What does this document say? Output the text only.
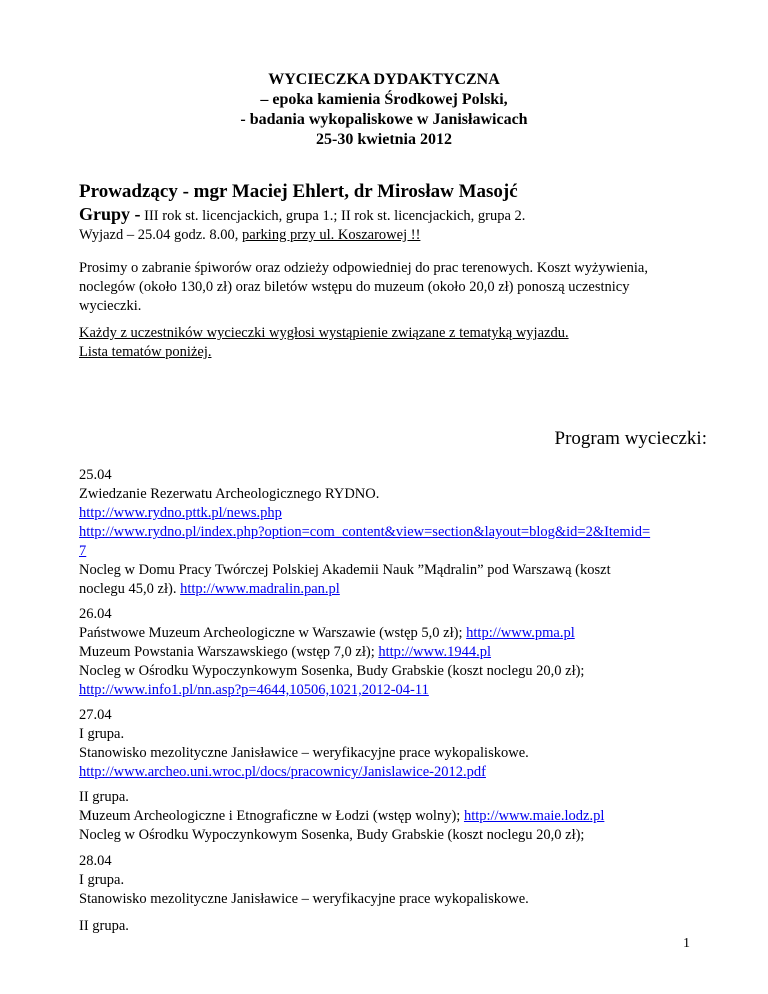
WYCIECZKA DYDAKTYCZNA
– epoka kamienia Środkowej Polski,
- badania wykopaliskowe w Janisławicach
25-30 kwietnia 2012
Prowadzący - mgr Maciej Ehlert, dr Mirosław Masojć
Grupy - III rok st. licencjackich, grupa 1.; II rok st. licencjackich, grupa 2.
Wyjazd – 25.04 godz. 8.00, parking przy ul. Koszarowej !!
Prosimy o zabranie śpiworów oraz odzieży odpowiedniej do prac terenowych. Koszt wyżywienia,
noclegów (około 130,0 zł) oraz biletów wstępu do muzeum (około 20,0 zł) ponoszą uczestnicy
wycieczki.
Każdy z uczestników wycieczki wygłosi wystąpienie związane z tematyką wyjazdu.
Lista tematów poniżej.
Program wycieczki:
25.04
Zwiedzanie Rezerwatu Archeologicznego RYDNO.
http://www.rydno.pttk.pl/news.php
http://www.rydno.pl/index.php?option=com_content&view=section&layout=blog&id=2&Itemid=
7
Nocleg w Domu Pracy Twórczej Polskiej Akademii Nauk ”Mądralin” pod Warszawą (koszt
noclegu 45,0 zł). http://www.madralin.pan.pl
26.04
Państwowe Muzeum Archeologiczne w Warszawie (wstęp 5,0 zł); http://www.pma.pl
Muzeum Powstania Warszawskiego (wstęp 7,0 zł); http://www.1944.pl
Nocleg w Ośrodku Wypoczynkowym Sosenka, Budy Grabskie (koszt noclegu 20,0 zł);
http://www.info1.pl/nn.asp?p=4644,10506,1021,2012-04-11
27.04
I grupa.
Stanowisko mezolityczne Janisławice – weryfikacyjne prace wykopaliskowe.
http://www.archeo.uni.wroc.pl/docs/pracownicy/Janislawice-2012.pdf
II grupa.
Muzeum Archeologiczne i Etnograficzne w Łodzi (wstęp wolny); http://www.maie.lodz.pl
Nocleg w Ośrodku Wypoczynkowym Sosenka, Budy Grabskie (koszt noclegu 20,0 zł);
28.04
I grupa.
Stanowisko mezolityczne Janisławice – weryfikacyjne prace wykopaliskowe.
II grupa.
1
